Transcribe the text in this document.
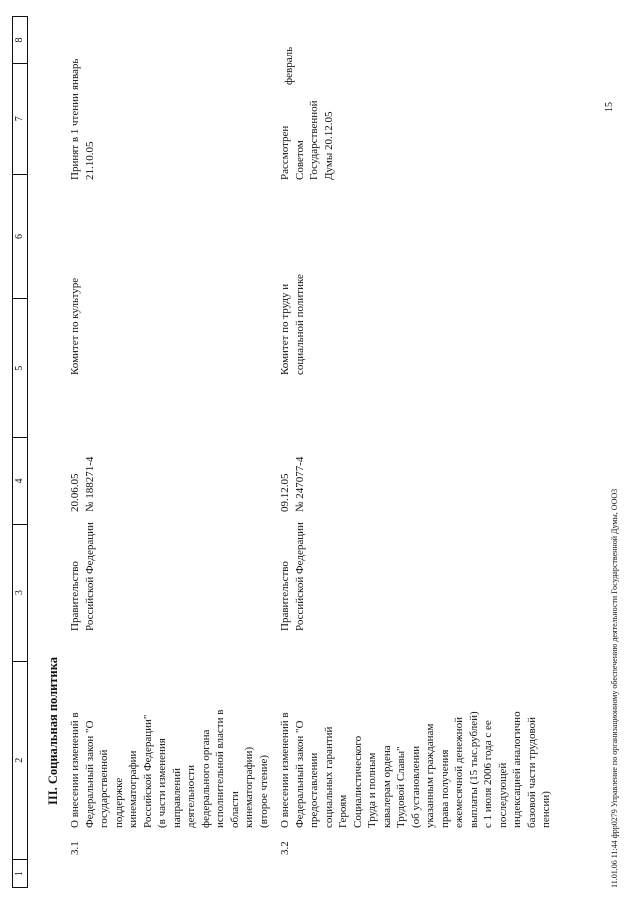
1
2
3
4
5
6
7
8
III. Социальная политика
3.1
О внесении изменений в
Федеральный закон "О
государственной
поддержке
кинематографии
Российской Федерации"
(в части изменения
направлений
деятельности
федерального органа
исполнительной власти в
области
кинематографии)
(второе чтение)
Правительство
Российской Федерации
20.06.05
№ 188271-4
Комитет по культуре
Принят в 1 чтении
21.10.05
январь
3.2
О внесении изменений в
Федеральный закон "О
предоставлении
социальных гарантий
Героям
Социалистического
Труда и полным
кавалерам ордена
Трудовой Славы"
(об установлении
указанным гражданам
права получения
ежемесячной денежной
выплаты (15 тыс.рублей)
с 1 июля 2006 года с ее
последующей
индексацией аналогично
базовой части трудовой
пенсии)
Правительство
Российской Федерации
09.12.05
№ 247077-4
Комитет по труду и
социальной политике
Рассмотрен
Советом
Государственной
Думы 20.12.05
февраль
11.01.06 11:44 фрр0279 Управление по организационному обеспечению деятельности Государственной Думы, ООО3
15
